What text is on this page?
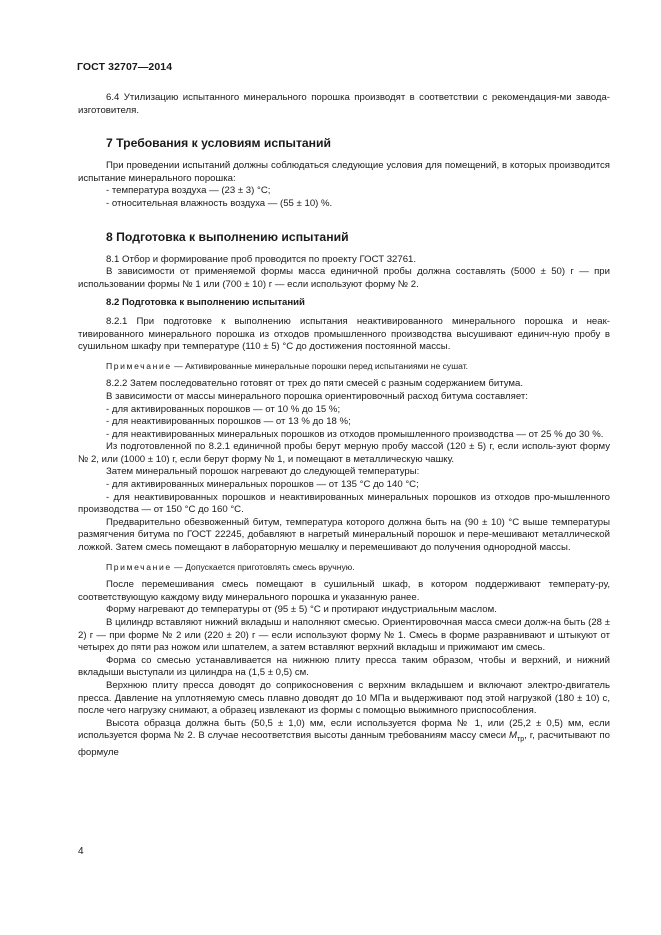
ГОСТ 32707—2014

6.4 Утилизацию испытанного минерального порошка производят в соответствии с рекомендация-ми завода-изготовителя.

7 Требования к условиям испытаний

При проведении испытаний должны соблюдаться следующие условия для помещений, в которых производится испытание минерального порошка:

- температура воздуха — (23 ± 3) °C;

- относительная влажность воздуха — (55 ± 10) %.

8 Подготовка к выполнению испытаний

8.1 Отбор и формирование проб проводится по проекту ГОСТ 32761.

В зависимости от применяемой формы масса единичной пробы должна составлять (5000 ± 50) г — при использовании формы № 1 или (700 ± 10) г — если используют форму № 2.

8.2 Подготовка к выполнению испытаний

8.2.1 При подготовке к выполнению испытания неактивированного минерального порошка и неак-тивированного минерального порошка из отходов промышленного производства высушивают единич-ную пробу в сушильном шкафу при температуре (110 ± 5) °C до достижения постоянной массы.

Примечание — Активированные минеральные порошки перед испытаниями не сушат.

8.2.2 Затем последовательно готовят от трех до пяти смесей с разным содержанием битума.

В зависимости от массы минерального порошка ориентировочный расход битума составляет:

- для активированных порошков — от 10 % до 15 %;

- для неактивированных порошков — от 13 % до 18 %;

- для неактивированных минеральных порошков из отходов промышленного производства — от 25 % до 30 %.

Из подготовленной по 8.2.1 единичной пробы берут мерную пробу массой (120 ± 5) г, если исполь-зуют форму № 2, или (1000 ± 10) г, если берут форму № 1, и помещают в металлическую чашку.

Затем минеральный порошок нагревают до следующей температуры:

- для активированных минеральных порошков — от 135 °C до 140 °C;

- для неактивированных порошков и неактивированных минеральных порошков из отходов про-мышленного производства — от 150 °C до 160 °C.

Предварительно обезвоженный битум, температура которого должна быть на (90 ± 10) °C выше температуры размягчения битума по ГОСТ 22245, добавляют в нагретый минеральный порошок и пере-мешивают металлической ложкой. Затем смесь помещают в лабораторную мешалку и перемешивают до получения однородной массы.

Примечание — Допускается приготовлять смесь вручную.

После перемешивания смесь помещают в сушильный шкаф, в котором поддерживают температу-ру, соответствующую каждому виду минерального порошка и указанную ранее.

Форму нагревают до температуры от (95 ± 5) °C и протирают индустриальным маслом.

В цилиндр вставляют нижний вкладыш и наполняют смесью. Ориентировочная масса смеси долж-на быть (28 ± 2) г — при форме № 2 или (220 ± 20) г — если используют форму № 1. Смесь в форме разравнивают и штыкуют от четырех до пяти раз ножом или шпателем, а затем вставляют верхний вкладыш и прижимают им смесь.

Форма со смесью устанавливается на нижнюю плиту пресса таким образом, чтобы и верхний, и нижний вкладыши выступали из цилиндра на (1,5 ± 0,5) см.

Верхнюю плиту пресса доводят до соприкосновения с верхним вкладышем и включают электро-двигатель пресса. Давление на уплотняемую смесь плавно доводят до 10 МПа и выдерживают под этой нагрузкой (180 ± 10) с, после чего нагрузку снимают, а образец извлекают из формы с помощью выжимного приспособления.

Высота образца должна быть (50,5 ± 1,0) мм, если используется форма № 1, или (25,2 ± 0,5) мм, если используется форма № 2. В случае несоответствия высоты данным требованиям массу смеси $M_{тр}$, г, расчитывают по формуле

4
